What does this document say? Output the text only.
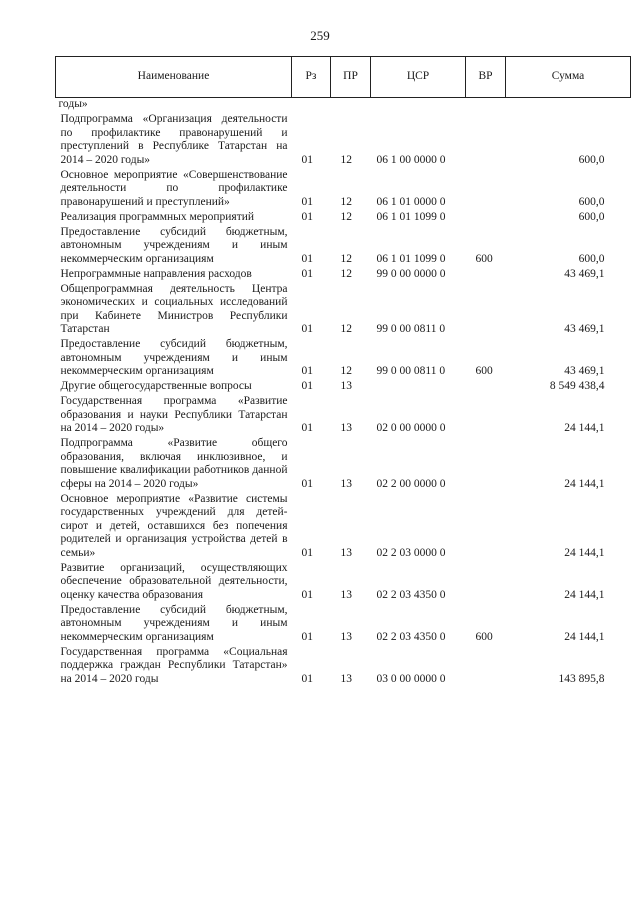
259
Наименование	Рз	ПР	ЦСР	ВР	Сумма
годы»					
Подпрограмма «Организация деятельности по профилактике правонарушений и преступлений в Республике Татарстан на 2014 – 2020 годы»	01	12	06 1 00 0000 0		600,0
Основное мероприятие «Совершенствование деятельности по профилактике правонарушений и преступлений»	01	12	06 1 01 0000 0		600,0
Реализация программных мероприятий	01	12	06 1 01 1099 0		600,0
Предоставление субсидий бюджетным, автономным учреждениям и иным некоммерческим организациям	01	12	06 1 01 1099 0	600	600,0
Непрограммные направления расходов	01	12	99 0 00 0000 0		43 469,1
Общепрограммная деятельность Центра экономических и социальных исследований при Кабинете Министров Республики Татарстан	01	12	99 0 00 0811 0		43 469,1
Предоставление субсидий бюджетным, автономным учреждениям и иным некоммерческим организациям	01	12	99 0 00 0811 0	600	43 469,1
Другие общегосударственные вопросы	01	13			8 549 438,4
Государственная программа «Развитие образования и науки Республики Татарстан на 2014 – 2020 годы»	01	13	02 0 00 0000 0		24 144,1
Подпрограмма «Развитие общего образования, включая инклюзивное, и повышение квалификации работников данной сферы на 2014 – 2020 годы»	01	13	02 2 00 0000 0		24 144,1
Основное мероприятие «Развитие системы государственных учреждений для детей-сирот и детей, оставшихся без попечения родителей и организация устройства детей в семьи»	01	13	02 2 03 0000 0		24 144,1
Развитие организаций, осуществляющих обеспечение образовательной деятельности, оценку качества образования	01	13	02 2 03 4350 0		24 144,1
Предоставление субсидий бюджетным, автономным учреждениям и иным некоммерческим организациям	01	13	02 2 03 4350 0	600	24 144,1
Государственная программа «Социальная поддержка граждан Республики Татарстан» на 2014 – 2020 годы	01	13	03 0 00 0000 0		143 895,8
